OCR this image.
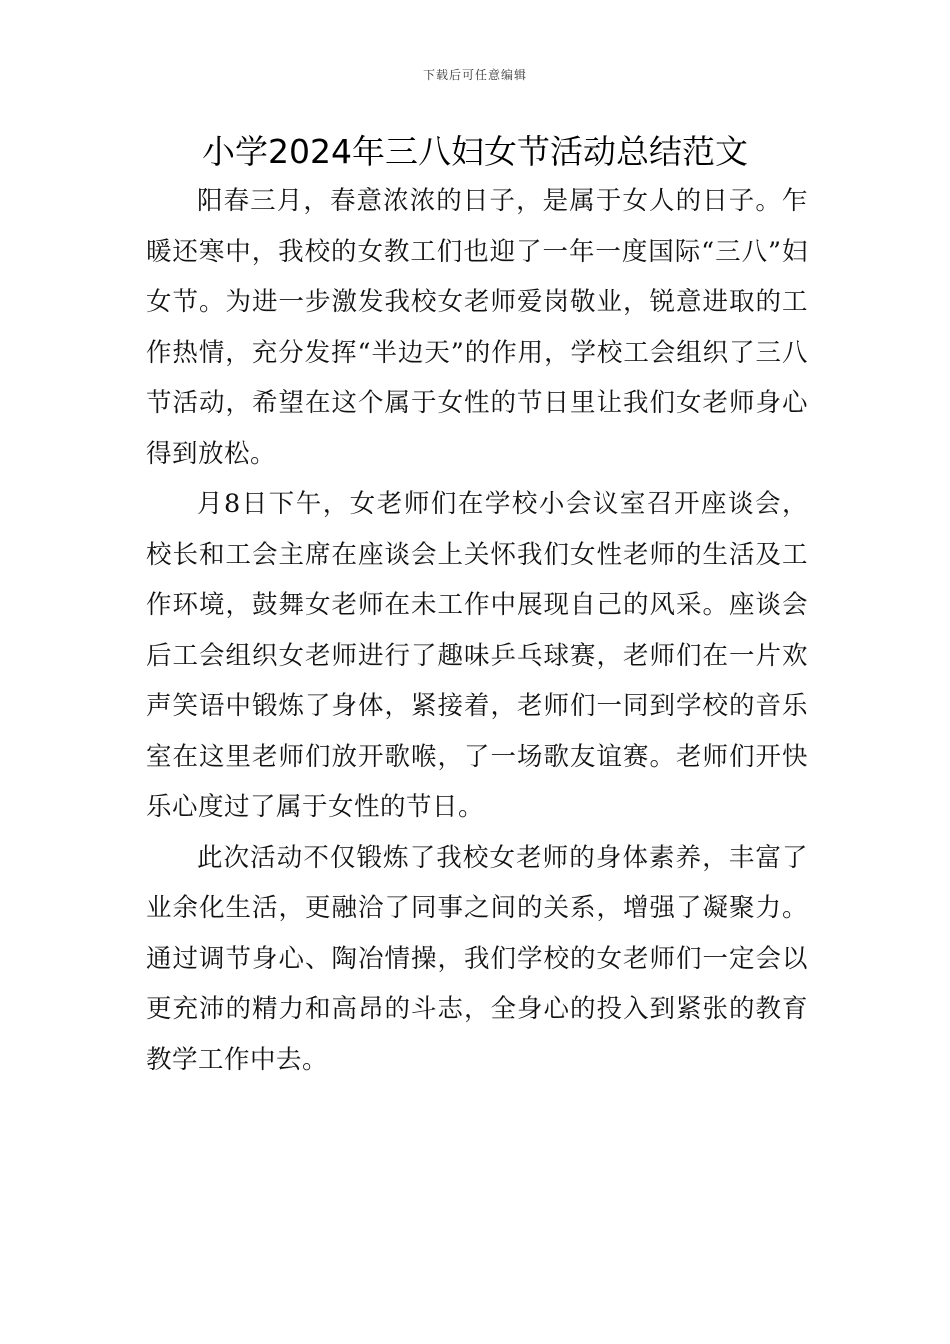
下载后可任意编辑
小学2024年三八妇女节活动总结范文

阳春三月，春意浓浓的日子，是属于女人的日子。乍暖还寒中，我校的女教工们也迎了一年一度国际“三八”妇女节。为进一步激发我校女老师爱岗敬业，锐意进取的工作热情，充分发挥“半边天”的作用，学校工会组织了三八节活动，希望在这个属于女性的节日里让我们女老师身心得到放松。

月8日下午，女老师们在学校小会议室召开座谈会，校长和工会主席在座谈会上关怀我们女性老师的生活及工作环境，鼓舞女老师在未工作中展现自己的风采。座谈会后工会组织女老师进行了趣味乒乓球赛，老师们在一片欢声笑语中锻炼了身体，紧接着，老师们一同到学校的音乐室在这里老师们放开歌喉，了一场歌友谊赛。老师们开快乐心度过了属于女性的节日。

此次活动不仅锻炼了我校女老师的身体素养，丰富了业余化生活，更融洽了同事之间的关系，增强了凝聚力。通过调节身心、陶冶情操，我们学校的女老师们一定会以更充沛的精力和高昂的斗志，全身心的投入到紧张的教育教学工作中去。
